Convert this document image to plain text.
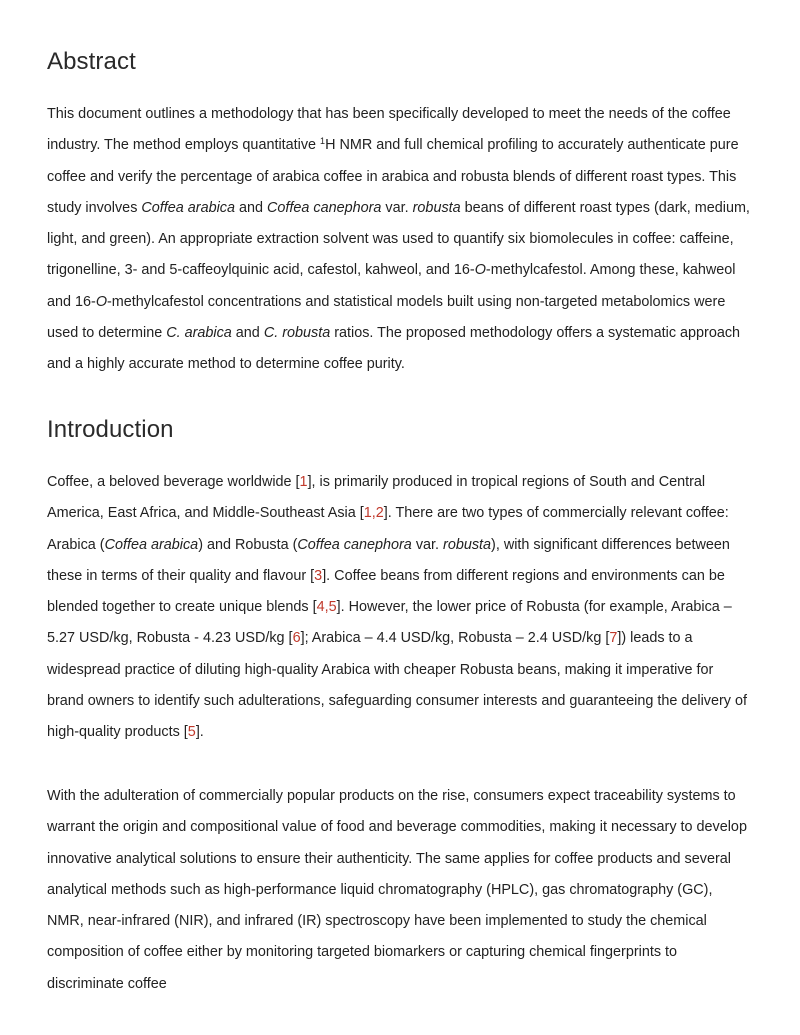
Abstract

This document outlines a methodology that has been specifically developed to meet the needs of the coffee industry. The method employs quantitative $^1$H NMR and full chemical profiling to accurately authenticate pure coffee and verify the percentage of arabica coffee in arabica and robusta blends of different roast types. This study involves Coffea arabica and Coffea canephora var. robusta beans of different roast types (dark, medium, light, and green). An appropriate extraction solvent was used to quantify six biomolecules in coffee: caffeine, trigonelline, 3- and 5-caffeoylquinic acid, cafestol, kahweol, and 16-O-methylcafestol. Among these, kahweol and 16-O-methylcafestol concentrations and statistical models built using non-targeted metabolomics were used to determine C. arabica and C. robusta ratios. The proposed methodology offers a systematic approach and a highly accurate method to determine coffee purity.

Introduction

Coffee, a beloved beverage worldwide [1], is primarily produced in tropical regions of South and Central America, East Africa, and Middle-Southeast Asia [1,2]. There are two types of commercially relevant coffee: Arabica (Coffea arabica) and Robusta (Coffea canephora var. robusta), with significant differences between these in terms of their quality and flavour [3]. Coffee beans from different regions and environments can be blended together to create unique blends [4,5]. However, the lower price of Robusta (for example, Arabica – 5.27 USD/kg, Robusta - 4.23 USD/kg [6]; Arabica – 4.4 USD/kg, Robusta – 2.4 USD/kg [7]) leads to a widespread practice of diluting high-quality Arabica with cheaper Robusta beans, making it imperative for brand owners to identify such adulterations, safeguarding consumer interests and guaranteeing the delivery of high-quality products [5].

With the adulteration of commercially popular products on the rise, consumers expect traceability systems to warrant the origin and compositional value of food and beverage commodities, making it necessary to develop innovative analytical solutions to ensure their authenticity. The same applies for coffee products and several analytical methods such as high-performance liquid chromatography (HPLC), gas chromatography (GC), NMR, near-infrared (NIR), and infrared (IR) spectroscopy have been implemented to study the chemical composition of coffee either by monitoring targeted biomarkers or capturing chemical fingerprints to discriminate coffee
